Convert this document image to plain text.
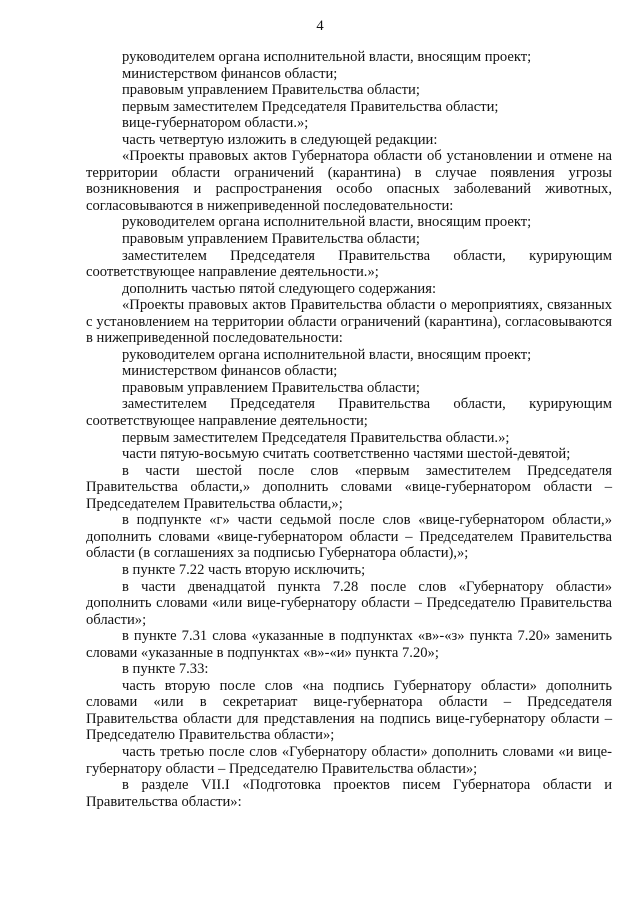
4

руководителем органа исполнительной власти, вносящим проект;

министерством финансов области;

правовым управлением Правительства области;

первым заместителем Председателя Правительства области;

вице-губернатором области.»;

часть четвертую изложить в следующей редакции:

«Проекты правовых актов Губернатора области об установлении и отмене на территории области ограничений (карантина) в случае появления угрозы возникновения и распространения особо опасных заболеваний животных, согласовываются в нижеприведенной последовательности:

руководителем органа исполнительной власти, вносящим проект;

правовым управлением Правительства области;

заместителем Председателя Правительства области, курирующим соответствующее направление деятельности.»;

дополнить частью пятой следующего содержания:

«Проекты правовых актов Правительства области о мероприятиях, связанных с установлением на территории области ограничений (карантина), согласовываются в нижеприведенной последовательности:

руководителем органа исполнительной власти, вносящим проект;

министерством финансов области;

правовым управлением Правительства области;

заместителем Председателя Правительства области, курирующим соответствующее направление деятельности;

первым заместителем Председателя Правительства области.»;

части пятую-восьмую считать соответственно частями шестой-девятой;

в части шестой после слов «первым заместителем Председателя Правительства области,» дополнить словами «вице-губернатором области – Председателем Правительства области,»;

в подпункте «г» части седьмой после слов «вице-губернатором области,» дополнить словами «вице-губернатором области – Председателем Правительства области (в соглашениях за подписью Губернатора области),»;

в пункте 7.22 часть вторую исключить;

в части двенадцатой пункта 7.28 после слов «Губернатору области» дополнить словами «или вице-губернатору области – Председателю Правительства области»;

в пункте 7.31 слова «указанные в подпунктах «в»-«з» пункта 7.20» заменить словами «указанные в подпунктах «в»-«и» пункта 7.20»;

в пункте 7.33:

часть вторую после слов «на подпись Губернатору области» дополнить словами «или в секретариат вице-губернатора области – Председателя Правительства области для представления на подпись вице-губернатору области – Председателю Правительства области»;

часть третью после слов «Губернатору области» дополнить словами «и вице-губернатору области – Председателю Правительства области»;

в разделе VII.I «Подготовка проектов писем Губернатора области и Правительства области»:
